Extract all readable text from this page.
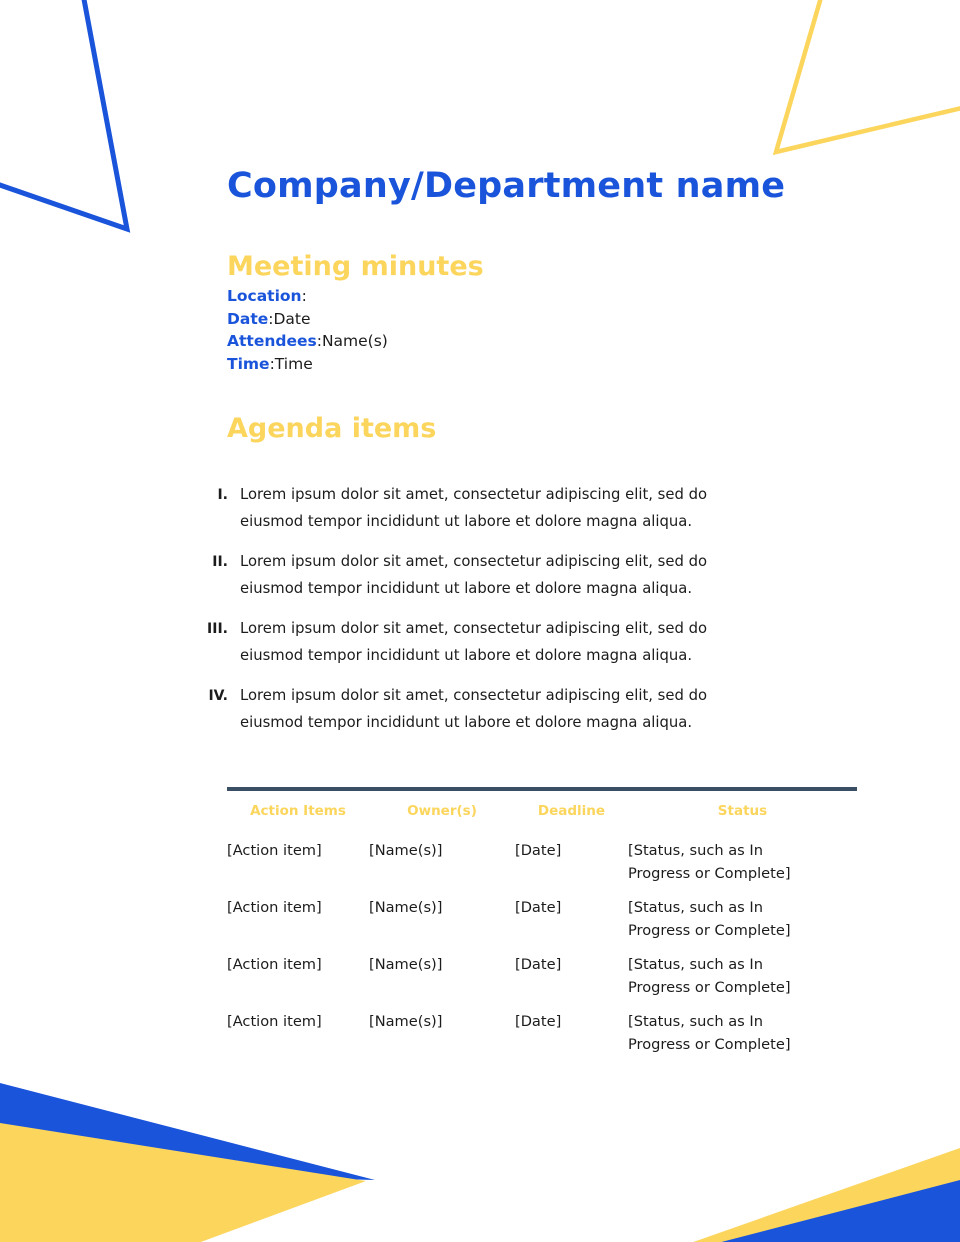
Company/Department name
Meeting minutes
Location:
Date:Date
Attendees:Name(s)
Time:Time
Agenda items
I. Lorem ipsum dolor sit amet, consectetur adipiscing elit, sed do eiusmod tempor incididunt ut labore et dolore magna aliqua.
II. Lorem ipsum dolor sit amet, consectetur adipiscing elit, sed do eiusmod tempor incididunt ut labore et dolore magna aliqua.
III. Lorem ipsum dolor sit amet, consectetur adipiscing elit, sed do eiusmod tempor incididunt ut labore et dolore magna aliqua.
IV. Lorem ipsum dolor sit amet, consectetur adipiscing elit, sed do eiusmod tempor incididunt ut labore et dolore magna aliqua.
Action Items	Owner(s)	Deadline	Status
[Action item]	[Name(s)]	[Date]	[Status, such as In Progress or Complete]
[Action item]	[Name(s)]	[Date]	[Status, such as In Progress or Complete]
[Action item]	[Name(s)]	[Date]	[Status, such as In Progress or Complete]
[Action item]	[Name(s)]	[Date]	[Status, such as In Progress or Complete]
